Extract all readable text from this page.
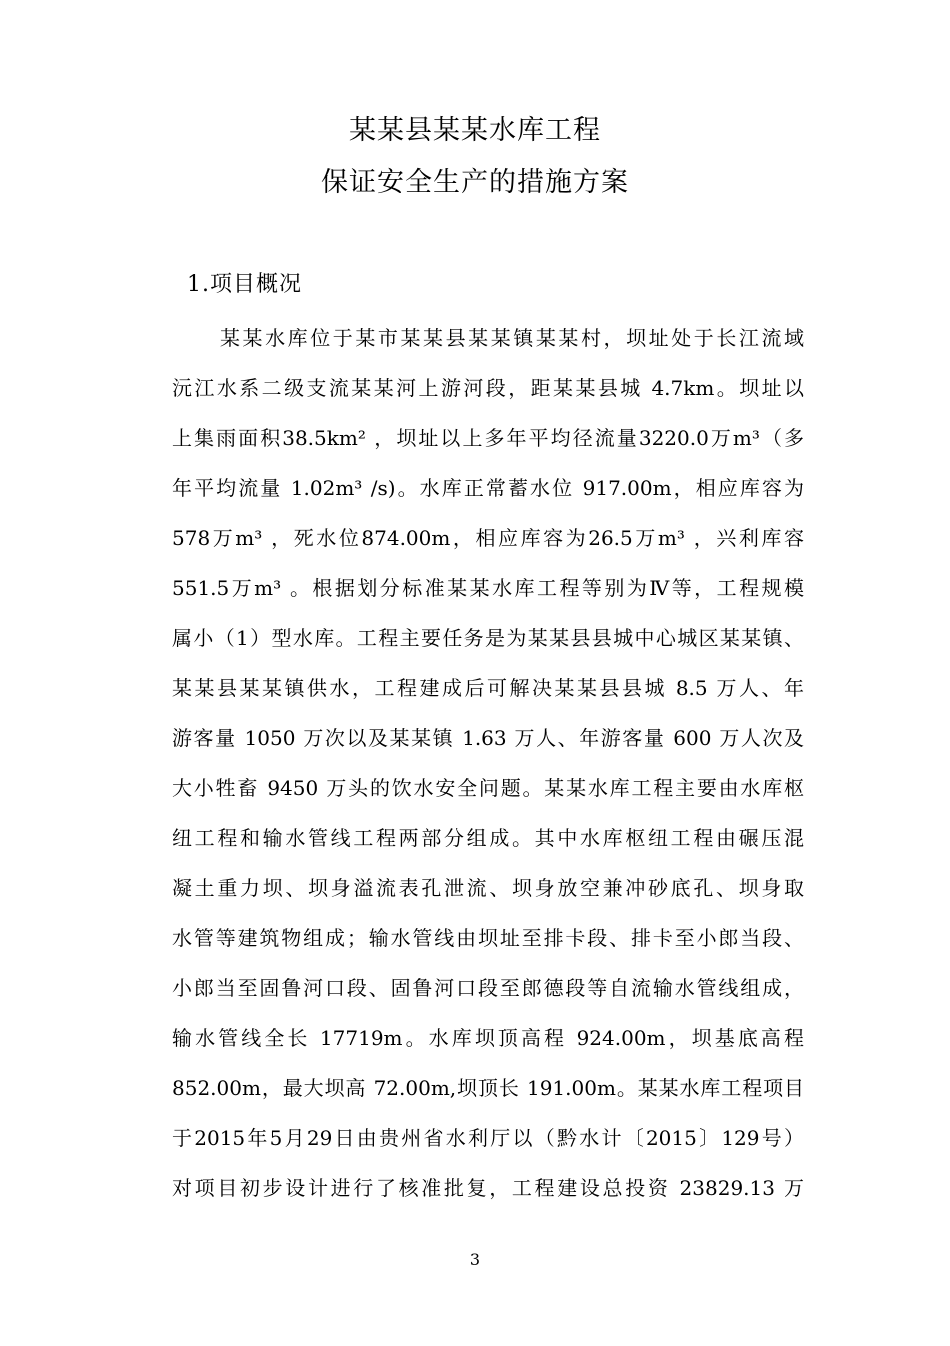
某某县某某水库工程
保证安全生产的措施方案
1.项目概况
某某水库位于某市某某县某某镇某某村，坝址处于长江流域
沅江水系二级支流某某河上游河段，距某某县城 4.7km。坝址以
上集雨面积38.5km² ，坝址以上多年平均径流量3220.0万m³（多
年平均流量 1.02m³ /s)。水库正常蓄水位 917.00m，相应库容为
578万m³ ，死水位874.00m，相应库容为26.5万m³ ，兴利库容
551.5万m³ 。根据划分标准某某水库工程等别为Ⅳ等，工程规模
属小（1）型水库。工程主要任务是为某某县县城中心城区某某镇、
某某县某某镇供水，工程建成后可解决某某县县城 8.5 万人、年
游客量 1050 万次以及某某镇 1.63 万人、年游客量 600 万人次及
大小牲畜 9450 万头的饮水安全问题。某某水库工程主要由水库枢
纽工程和输水管线工程两部分组成。其中水库枢纽工程由碾压混
凝土重力坝、坝身溢流表孔泄流、坝身放空兼冲砂底孔、坝身取
水管等建筑物组成；输水管线由坝址至排卡段、排卡至小郎当段、
小郎当至固鲁河口段、固鲁河口段至郎德段等自流输水管线组成，
输水管线全长 17719m。水库坝顶高程 924.00m，坝基底高程
852.00m，最大坝高 72.00m,坝顶长 191.00m。某某水库工程项目
于2015年5月29日由贵州省水利厅以（黔水计〔2015〕129号）
对项目初步设计进行了核准批复，工程建设总投资 23829.13 万
3
